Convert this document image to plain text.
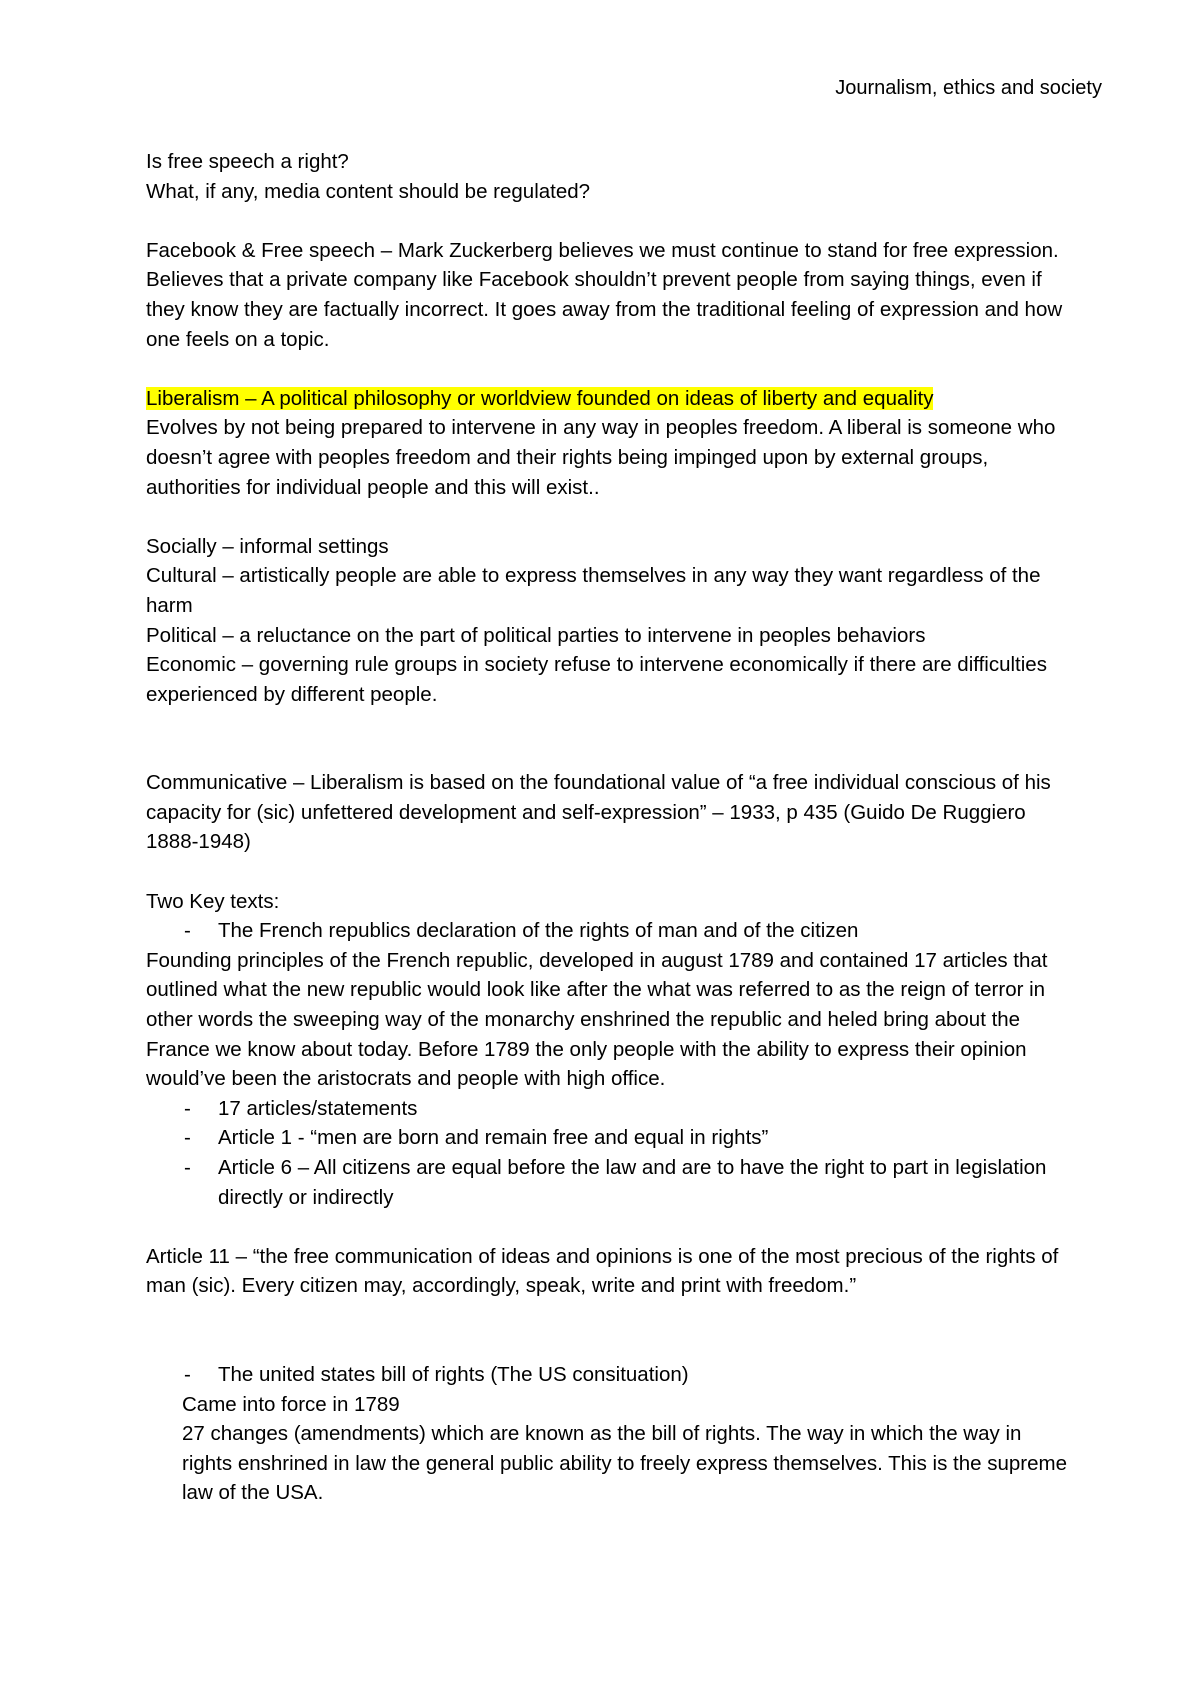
Journalism, ethics and society

Is free speech a right?

What, if any, media content should be regulated?

Facebook & Free speech – Mark Zuckerberg believes we must continue to stand for free expression. Believes that a private company like Facebook shouldn’t prevent people from saying things, even if they know they are factually incorrect. It goes away from the traditional feeling of expression and how one feels on a topic.

Liberalism – A political philosophy or worldview founded on ideas of liberty and equality

Evolves by not being prepared to intervene in any way in peoples freedom. A liberal is someone who doesn’t agree with peoples freedom and their rights being impinged upon by external groups, authorities for individual people and this will exist..

Socially – informal settings

Cultural – artistically people are able to express themselves in any way they want regardless of the harm

Political – a reluctance on the part of political parties to intervene in peoples behaviors

Economic – governing rule groups in society refuse to intervene economically if there are difficulties experienced by different people.

Communicative – Liberalism is based on the foundational value of “a free individual conscious of his capacity for (sic) unfettered development and self-expression” – 1933, p 435 (Guido De Ruggiero 1888-1948)

Two Key texts:

- The French republics declaration of the rights of man and of the citizen

Founding principles of the French republic, developed in august 1789 and contained 17 articles that outlined what the new republic would look like after the what was referred to as the reign of terror in other words the sweeping way of the monarchy enshrined the republic and heled bring about the France we know about today. Before 1789 the only people with the ability to express their opinion would’ve been the aristocrats and people with high office.

- 17 articles/statements

- Article 1 - “men are born and remain free and equal in rights”

- Article 6 – All citizens are equal before the law and are to have the right to part in legislation directly or indirectly

Article 11 – “the free communication of ideas and opinions is one of the most precious of the rights of man (sic). Every citizen may, accordingly, speak, write and print with freedom.”

- The united states bill of rights (The US consituation)

Came into force in 1789

27 changes (amendments) which are known as the bill of rights. The way in which the way in rights enshrined in law the general public ability to freely express themselves. This is the supreme law of the USA.
